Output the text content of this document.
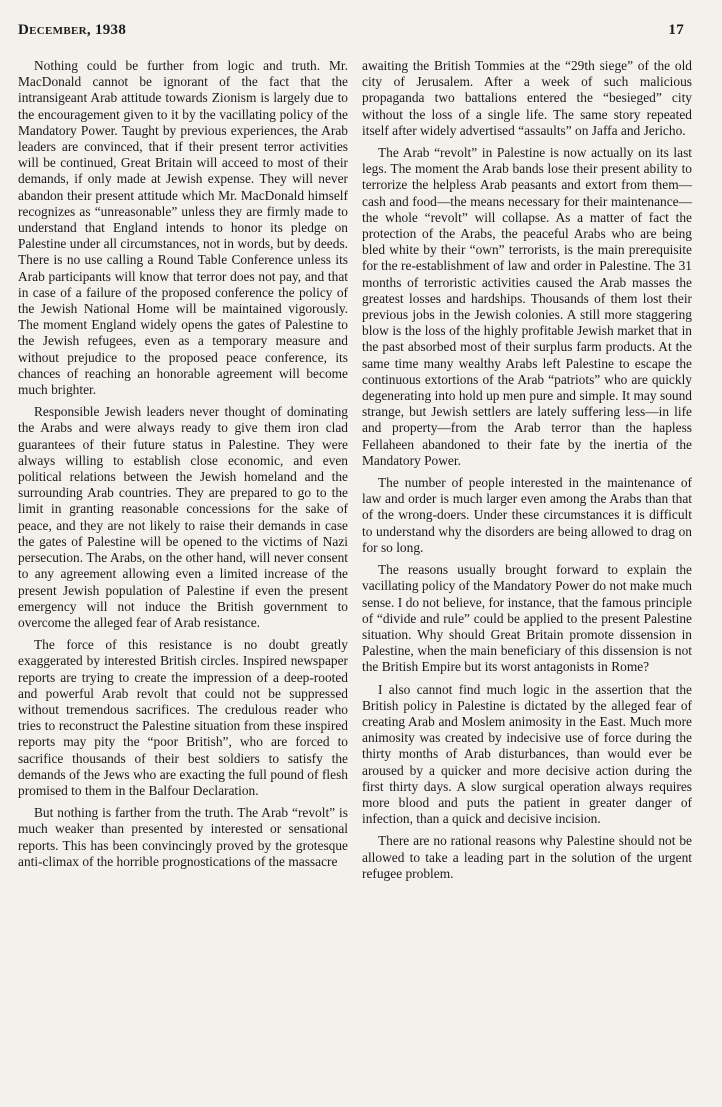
December, 1938	17

Nothing could be further from logic and truth. Mr. MacDonald cannot be ignorant of the fact that the intransigeant Arab attitude towards Zionism is largely due to the encouragement given to it by the vacillating policy of the Mandatory Power. Taught by previous experiences, the Arab leaders are convinced, that if their present terror activities will be continued, Great Britain will acceed to most of their demands, if only made at Jewish expense. They will never abandon their present attitude which Mr. MacDonald himself recognizes as “unreasonable” unless they are firmly made to understand that England intends to honor its pledge on Palestine under all circumstances, not in words, but by deeds. There is no use calling a Round Table Conference unless its Arab participants will know that terror does not pay, and that in case of a failure of the proposed conference the policy of the Jewish National Home will be maintained vigorously. The moment England widely opens the gates of Palestine to the Jewish refugees, even as a temporary measure and without prejudice to the proposed peace conference, its chances of reaching an honorable agreement will become much brighter.

Responsible Jewish leaders never thought of dominating the Arabs and were always ready to give them iron clad guarantees of their future status in Palestine. They were always willing to establish close economic, and even political relations between the Jewish homeland and the surrounding Arab countries. They are prepared to go to the limit in granting reasonable concessions for the sake of peace, and they are not likely to raise their demands in case the gates of Palestine will be opened to the victims of Nazi persecution. The Arabs, on the other hand, will never consent to any agreement allowing even a limited increase of the present Jewish population of Palestine if even the present emergency will not induce the British government to overcome the alleged fear of Arab resistance.

The force of this resistance is no doubt greatly exaggerated by interested British circles. Inspired newspaper reports are trying to create the impression of a deep-rooted and powerful Arab revolt that could not be suppressed without tremendous sacrifices. The credulous reader who tries to reconstruct the Palestine situation from these inspired reports may pity the “poor British”, who are forced to sacrifice thousands of their best soldiers to satisfy the demands of the Jews who are exacting the full pound of flesh promised to them in the Balfour Declaration.

But nothing is farther from the truth. The Arab “revolt” is much weaker than presented by interested or sensational reports. This has been convincingly proved by the grotesque anti-climax of the horrible prognostications of the massacre

awaiting the British Tommies at the “29th siege” of the old city of Jerusalem. After a week of such malicious propaganda two battalions entered the “besieged” city without the loss of a single life. The same story repeated itself after widely advertised “assaults” on Jaffa and Jericho.

The Arab “revolt” in Palestine is now actually on its last legs. The moment the Arab bands lose their present ability to terrorize the helpless Arab peasants and extort from them—cash and food—the means necessary for their maintenance—the whole “revolt” will collapse. As a matter of fact the protection of the Arabs, the peaceful Arabs who are being bled white by their “own” terrorists, is the main prerequisite for the re-establishment of law and order in Palestine. The 31 months of terroristic activities caused the Arab masses the greatest losses and hardships. Thousands of them lost their previous jobs in the Jewish colonies. A still more staggering blow is the loss of the highly profitable Jewish market that in the past absorbed most of their surplus farm products. At the same time many wealthy Arabs left Palestine to escape the continuous extortions of the Arab “patriots” who are quickly degenerating into hold up men pure and simple. It may sound strange, but Jewish settlers are lately suffering less—in life and property—from the Arab terror than the hapless Fellaheen abandoned to their fate by the inertia of the Mandatory Power.

The number of people interested in the maintenance of law and order is much larger even among the Arabs than that of the wrong-doers. Under these circumstances it is difficult to understand why the disorders are being allowed to drag on for so long.

The reasons usually brought forward to explain the vacillating policy of the Mandatory Power do not make much sense. I do not believe, for instance, that the famous principle of “divide and rule” could be applied to the present Palestine situation. Why should Great Britain promote dissension in Palestine, when the main beneficiary of this dissension is not the British Empire but its worst antagonists in Rome?

I also cannot find much logic in the assertion that the British policy in Palestine is dictated by the alleged fear of creating Arab and Moslem animosity in the East. Much more animosity was created by indecisive use of force during the thirty months of Arab disturbances, than would ever be aroused by a quicker and more decisive action during the first thirty days. A slow surgical operation always requires more blood and puts the patient in greater danger of infection, than a quick and decisive incision.

There are no rational reasons why Palestine should not be allowed to take a leading part in the solution of the urgent refugee problem.
